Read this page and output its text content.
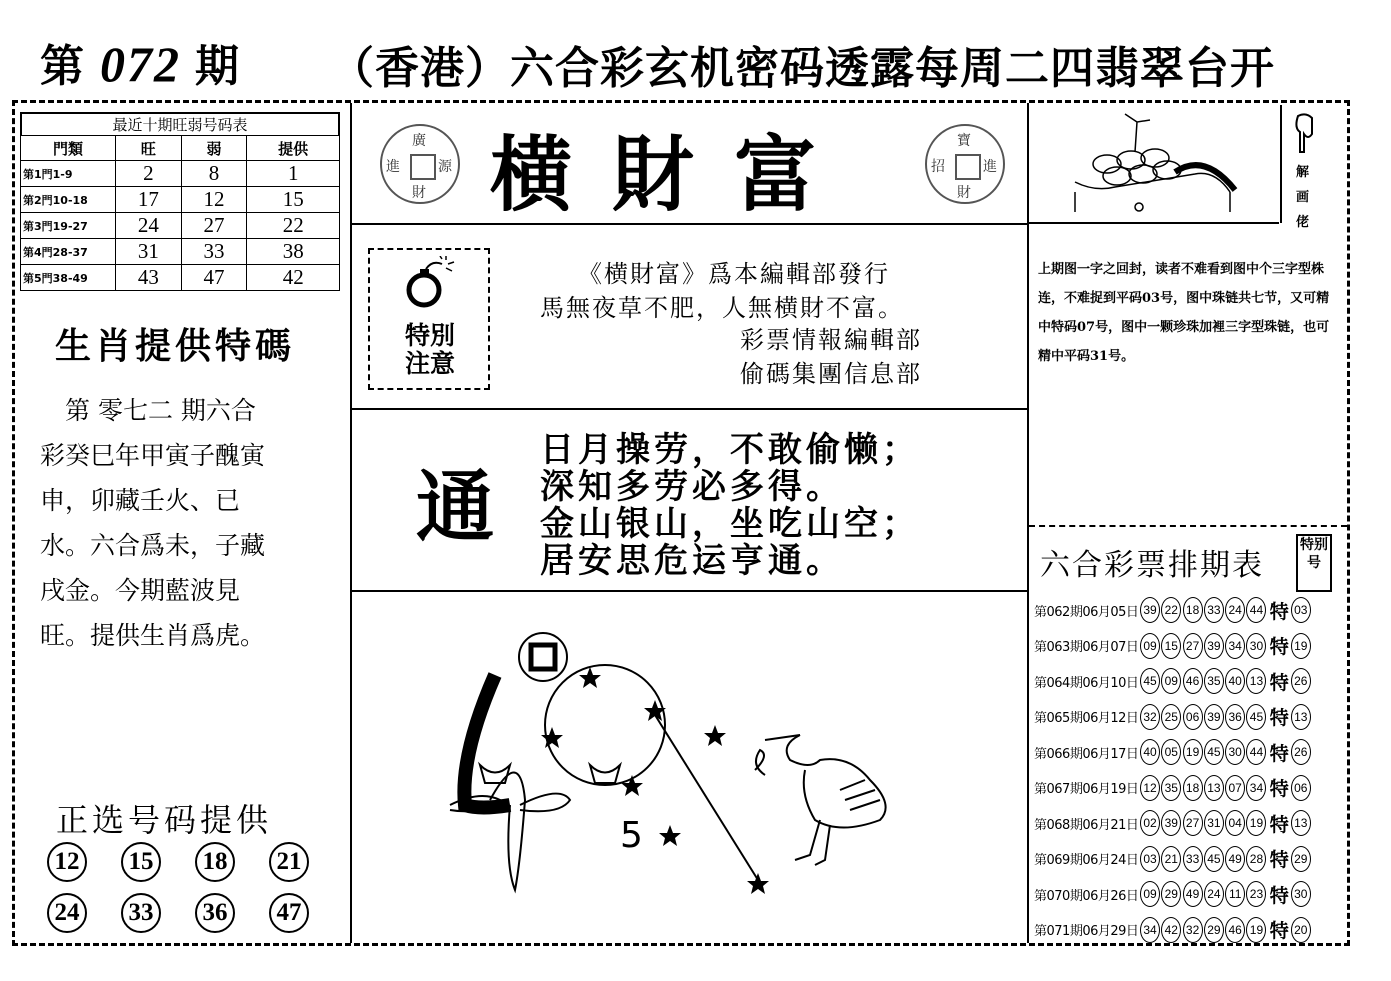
第 072 期 （香港）六合彩玄机密码透露每周二四翡翠台开
最近十期旺弱号码表
門類	旺	弱	提供
第1門1-9	2	8	1
第2門10-18	17	12	15
第3門19-27	24	27	22
第4門28-37	31	33	38
第5門38-49	43	47	42
生肖提供特碼
　第 零七二 期六合
彩癸巳年甲寅子醜寅
申，卯藏壬火、已
水。六合爲未，子藏
戌金。今期藍波見
旺。提供生肖爲虎。
正选号码提供
12	15	18	21
24	33	36	47
廣
源
財
進 横財富	寶
進
財
招
特別
注意
《横財富》爲本編輯部發行
馬無夜草不肥，人無横財不富。
彩票情報編輯部
偷碼集團信息部
通
日月操劳，不敢偷懒；
深知多劳必多得。
金山银山，坐吃山空；
居安思危运亨通。
解画佬
上期图一字之回封，读者不难看到图中个三字型株连，不难捉到平码03号，图中珠链共七节，又可精中特码07号，图中一颗珍珠加裡三字型珠链，也可精中平码31号。
5
六合彩票排期表
特别号
第062期06月05日 39 22 18 33 24 44 特 03
第063期06月07日 09 15 27 39 34 30 特 19
第064期06月10日 45 09 46 35 40 13 特 26
第065期06月12日 32 25 06 39 36 45 特 13
第066期06月17日 40 05 19 45 30 44 特 26
第067期06月19日 12 35 18 13 07 34 特 06
第068期06月21日 02 39 27 31 04 19 特 13
第069期06月24日 03 21 33 45 49 28 特 29
第070期06月26日 09 29 49 24 11 23 特 30
第071期06月29日 34 42 32 29 46 19 特 20
